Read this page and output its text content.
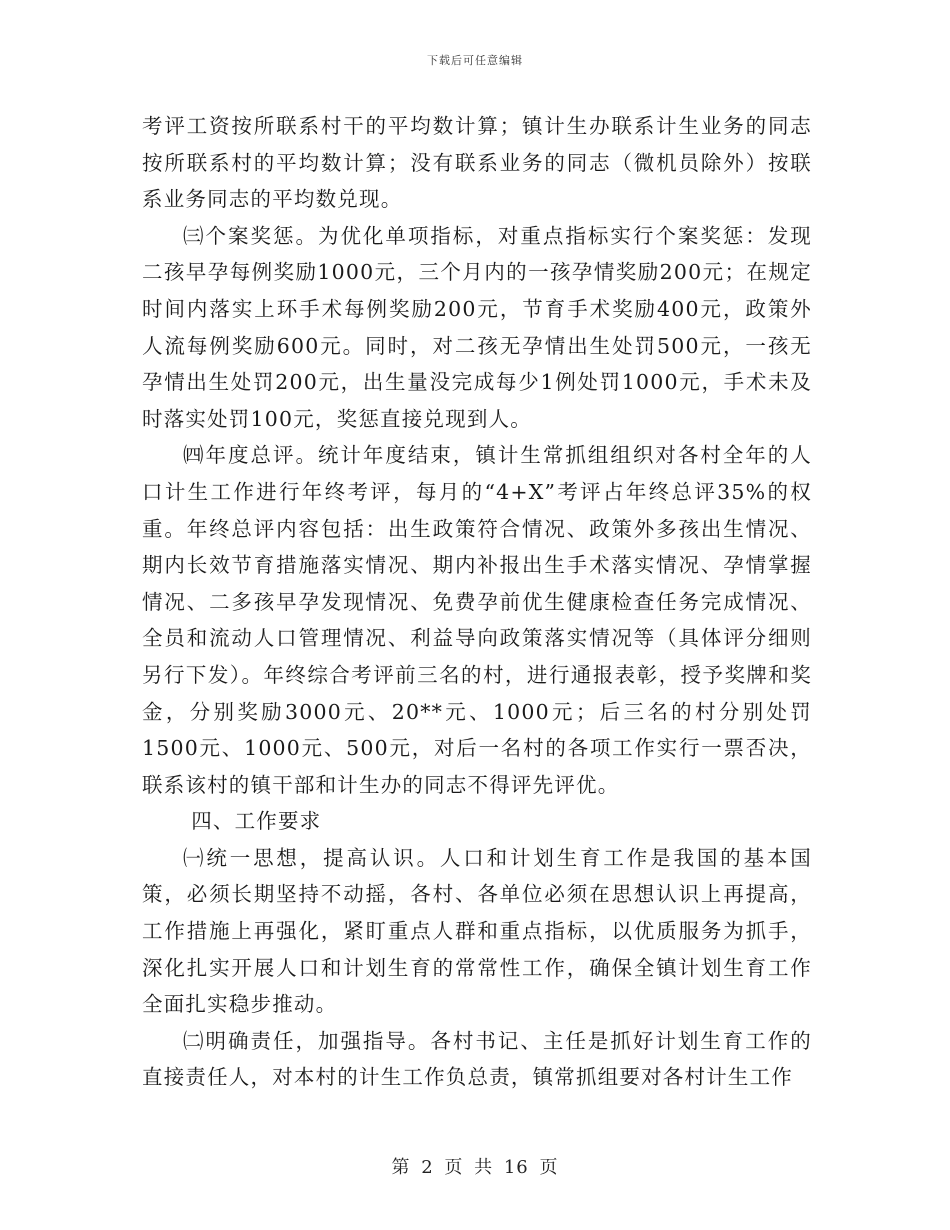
下载后可任意编辑

考评工资按所联系村干的平均数计算；镇计生办联系计生业务的同志按所联系村的平均数计算；没有联系业务的同志（微机员除外）按联系业务同志的平均数兑现。

㈢个案奖惩。为优化单项指标，对重点指标实行个案奖惩：发现二孩早孕每例奖励1000元，三个月内的一孩孕情奖励200元；在规定时间内落实上环手术每例奖励200元，节育手术奖励400元，政策外人流每例奖励600元。同时，对二孩无孕情出生处罚500元，一孩无孕情出生处罚200元，出生量没完成每少1例处罚1000元，手术未及时落实处罚100元，奖惩直接兑现到人。

㈣年度总评。统计年度结束，镇计生常抓组组织对各村全年的人口计生工作进行年终考评，每月的“4+X”考评占年终总评35%的权重。年终总评内容包括：出生政策符合情况、政策外多孩出生情况、期内长效节育措施落实情况、期内补报出生手术落实情况、孕情掌握情况、二多孩早孕发现情况、免费孕前优生健康检查任务完成情况、全员和流动人口管理情况、利益导向政策落实情况等（具体评分细则另行下发）。年终综合考评前三名的村，进行通报表彰，授予奖牌和奖金，分别奖励3000元、20**元、1000元；后三名的村分别处罚1500元、1000元、500元，对后一名村的各项工作实行一票否决，联系该村的镇干部和计生办的同志不得评先评优。

四、工作要求

㈠统一思想，提高认识。人口和计划生育工作是我国的基本国策，必须长期坚持不动摇，各村、各单位必须在思想认识上再提高，工作措施上再强化，紧盯重点人群和重点指标，以优质服务为抓手，深化扎实开展人口和计划生育的常常性工作，确保全镇计划生育工作全面扎实稳步推动。

㈡明确责任，加强指导。各村书记、主任是抓好计划生育工作的直接责任人，对本村的计生工作负总责，镇常抓组要对各村计生工作

第 2 页 共 16 页
